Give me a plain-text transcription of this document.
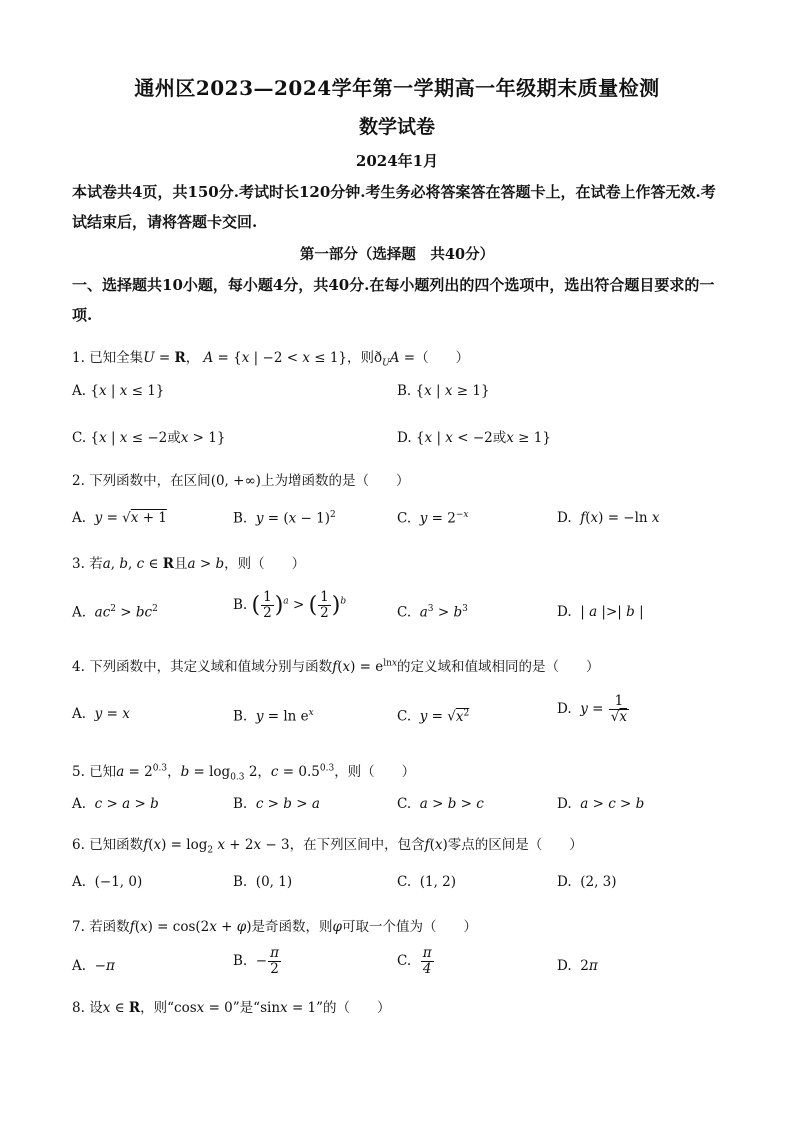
通州区2023—2024学年第一学期高一年级期末质量检测
数学试卷
2024年1月
本试卷共4页，共150分.考试时长120分钟.考生务必将答案答在答题卡上，在试卷上作答无效.考试结束后，请将答题卡交回.
第一部分（选择题　共40分）
一、选择题共10小题，每小题4分，共40分.在每小题列出的四个选项中，选出符合题目要求的一项.
1. 已知全集U = R， A = {x | −2 < x ≤ 1}，则$ð_UA$ =（　　）
A. {x | x ≤ 1}	B. {x | x ≥ 1}
C. {x | x ≤ −2或x > 1}	D. {x | x < −2或x ≥ 1}
2. 下列函数中，在区间(0, +∞)上为增函数的是（　　）
A. y = √x + 1	B. $y = (x - 1)^2$	C. $y = 2^{-x}$	D. f(x) = −ln x
3. 若a, b, c ∈ R且a > b，则（　　）
A. $ac^2 > bc^2$	B. ( $\frac{1}{2} )^a$ > ( $\frac{1}{2} )^b$
C. $a^3 > b^3$	D.  | a |>| b |
4. 下列函数中，其定义域和值域分别与函数$f(x) = e^{lnx}$的定义域和值域相同的是（　　）
A. y = x	B. $y = \ln e^x$	C. $y = √x^2$	D. $y = \frac{1}{√x}$
5. 已知$a = 2^{0.3}$，$b = \log_{0.3} 2$，$c = 0.5^{0.3}$，则（　　）
A. c > a > b	B. c > b > a	C. a > b > c	D. a > c > b
6. 已知函数$f(x) = \log_2 x + 2x - 3$，在下列区间中，包含f(x)零点的区间是（　　）
A.  (−1, 0)	B.  (0, 1)	C.  (1, 2)	D.  (2, 3)
7. 若函数f(x) = cos(2x + φ)是奇函数，则φ可取一个值为（　　）
A.  −π	B.  − $\frac{\pi}{2}$	C. $\frac{\pi}{4}$	D.  2π
8. 设x ∈ R，则“cosx = 0”是“sinx = 1”的（　　）
